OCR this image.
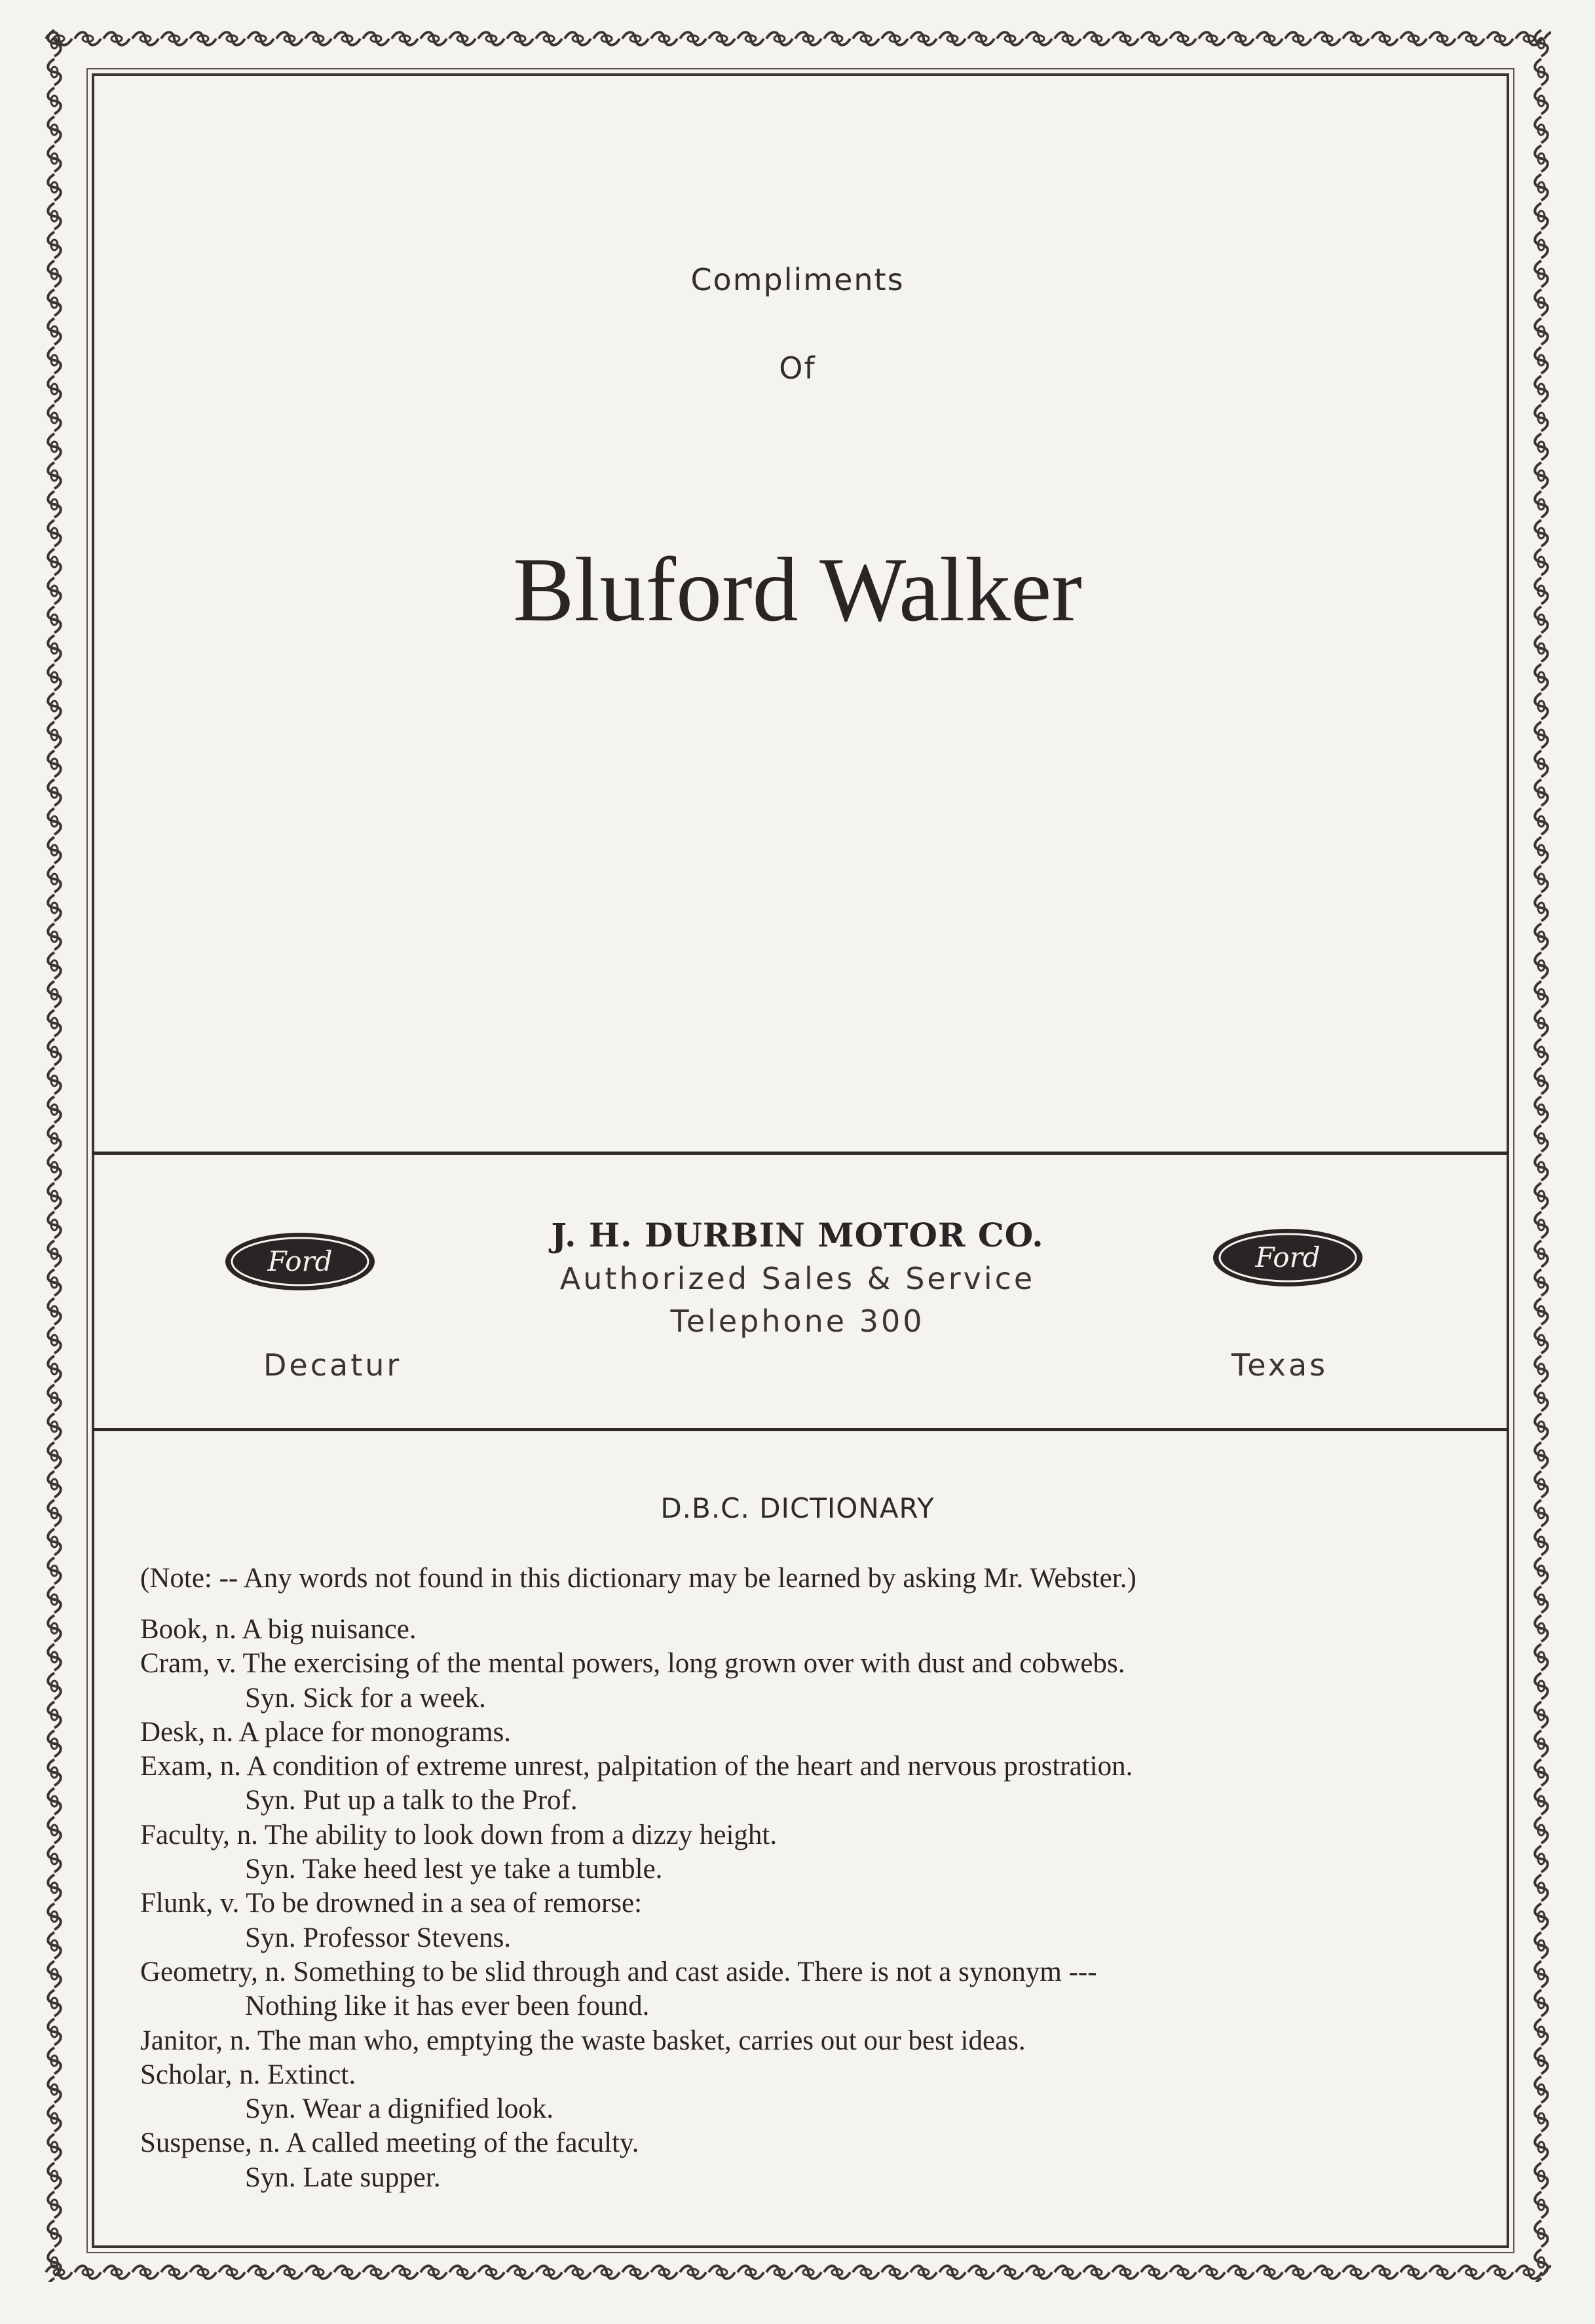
Compliments
Of
Bluford Walker
Ford	Ford
J. H. DURBIN MOTOR CO.
Authorized Sales & Service
Telephone 300
Decatur	Texas
D.B.C. DICTIONARY
(Note: -- Any words not found in this dictionary may be learned by asking Mr. Webster.)
Book, n. A big nuisance.
Cram, v. The exercising of the mental powers, long grown over with dust and cobwebs.
Syn. Sick for a week.
Desk, n. A place for monograms.
Exam, n. A condition of extreme unrest, palpitation of the heart and nervous prostration.
Syn. Put up a talk to the Prof.
Faculty, n. The ability to look down from a dizzy height.
Syn. Take heed lest ye take a tumble.
Flunk, v. To be drowned in a sea of remorse:
Syn. Professor Stevens.
Geometry, n. Something to be slid through and cast aside. There is not a synonym ---
Nothing like it has ever been found.
Janitor, n. The man who, emptying the waste basket, carries out our best ideas.
Scholar, n. Extinct.
Syn. Wear a dignified look.
Suspense, n. A called meeting of the faculty.
Syn. Late supper.
